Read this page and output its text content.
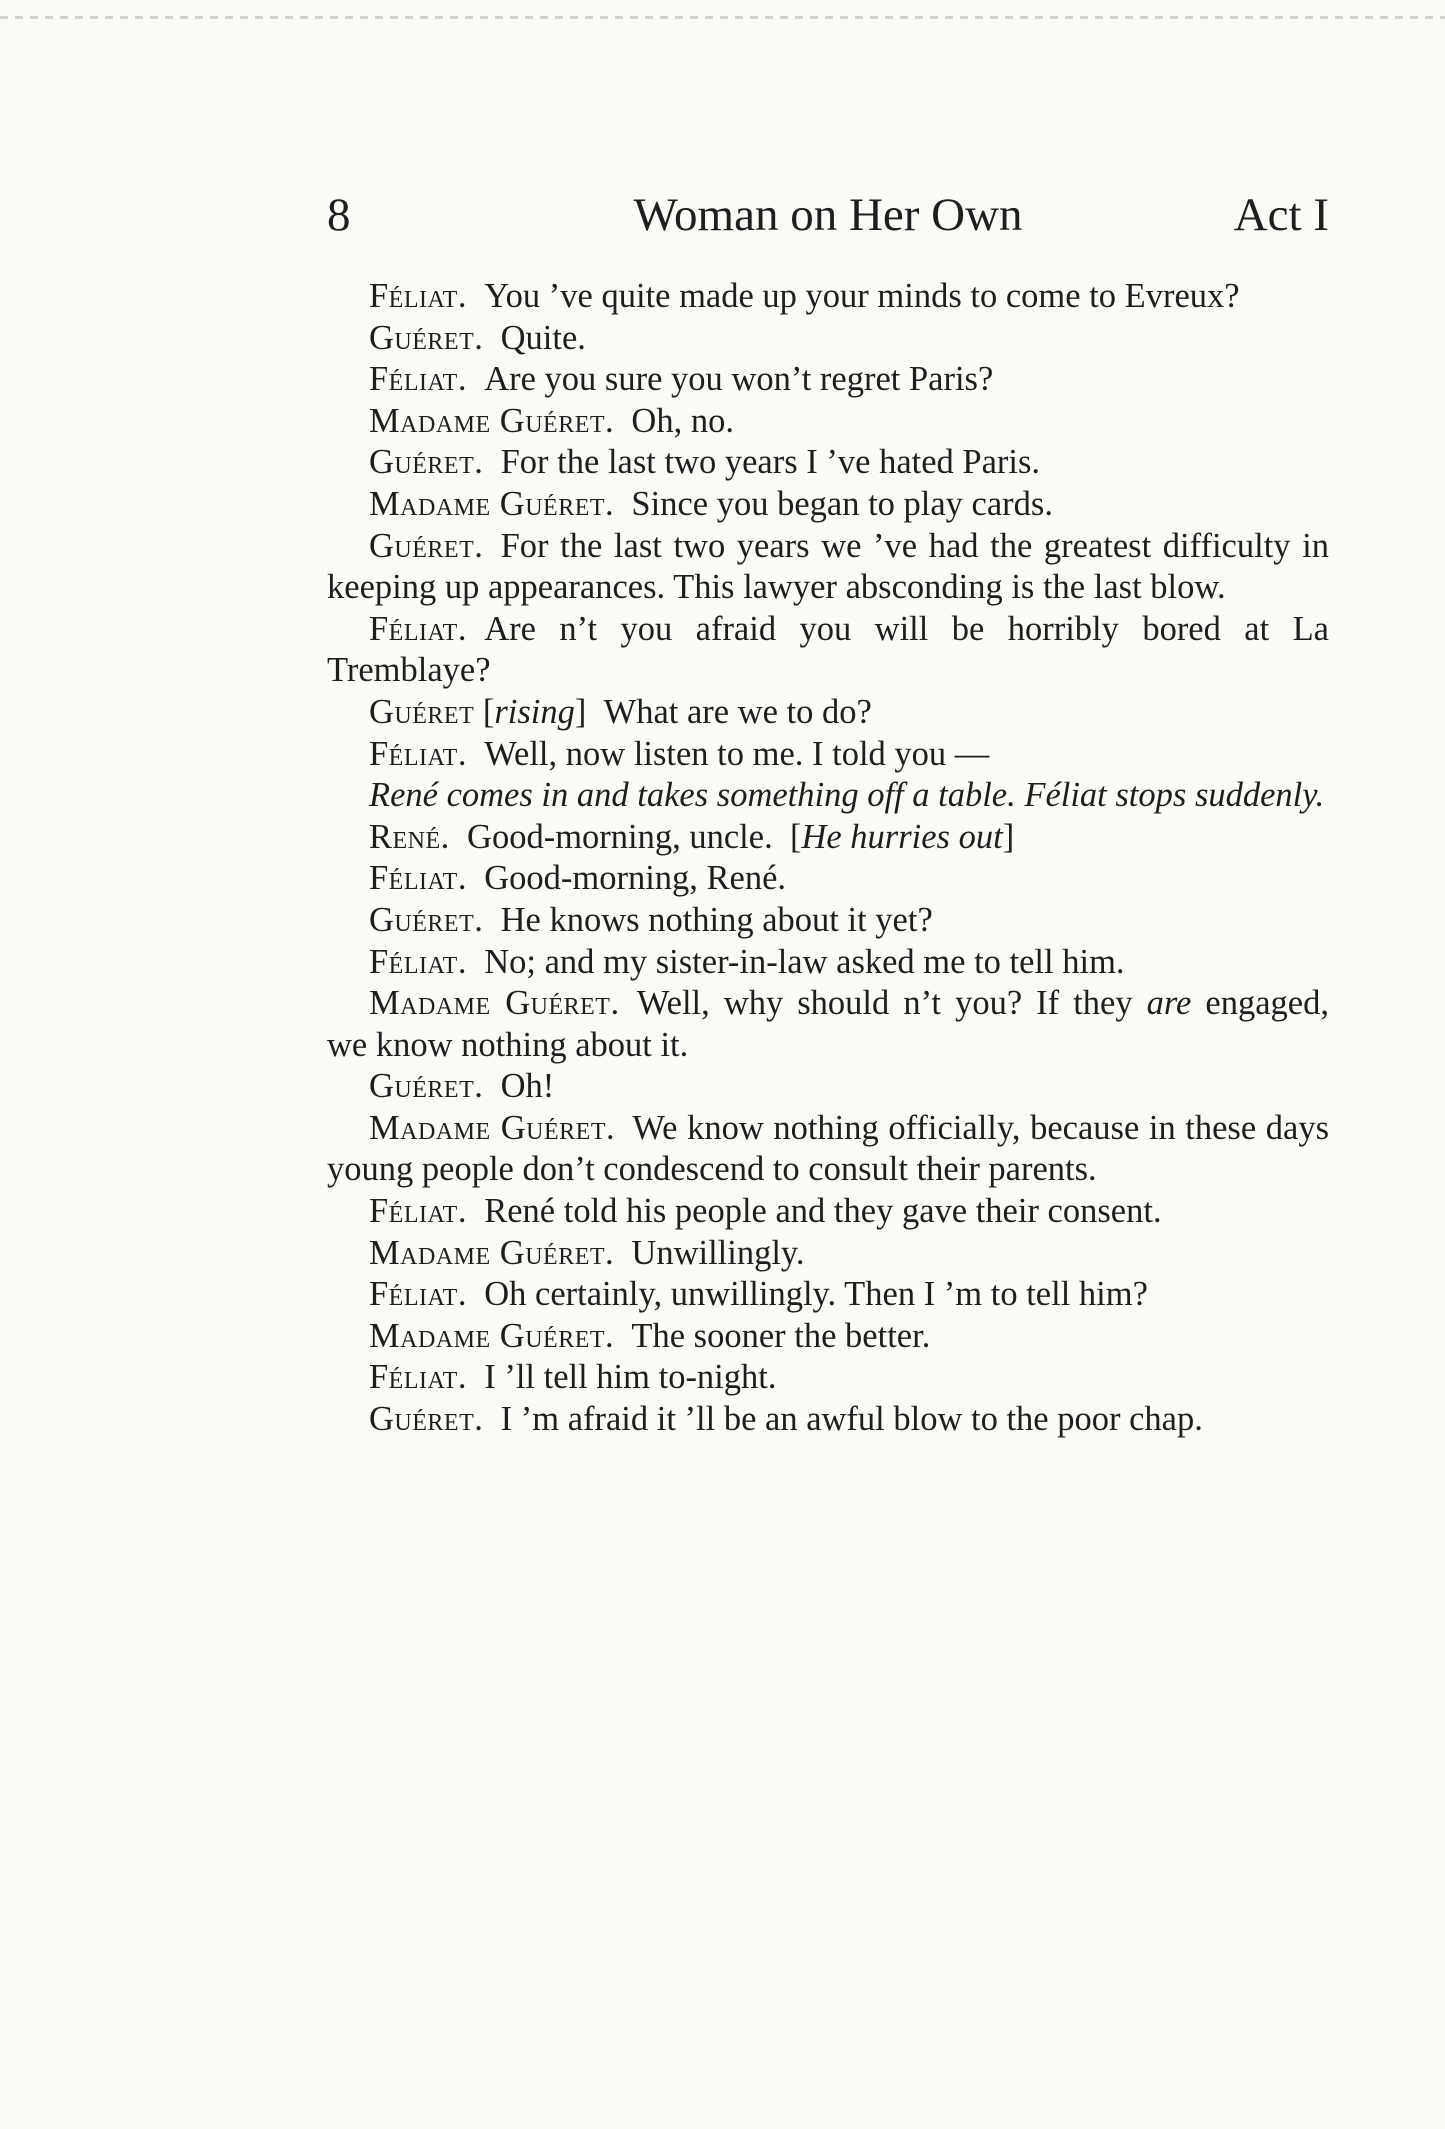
Woman on Her Own
8	Act I

Féliat.  You ’ve quite made up your minds to come to Evreux?

Guéret.  Quite.

Féliat.  Are you sure you won’t regret Paris?

Madame Guéret.  Oh, no.

Guéret.  For the last two years I ’ve hated Paris.

Madame Guéret.  Since you began to play cards.

Guéret.  For the last two years we ’ve had the greatest difficulty in keeping up appearances. This lawyer absconding is the last blow.

Féliat.  Are n’t you afraid you will be horribly bored at La Tremblaye?

Guéret [rising] What are we to do?

Féliat.  Well, now listen to me. I told you —

René comes in and takes something off a table. Féliat stops suddenly.

René.  Good-morning, uncle. [He hurries out]

Féliat.  Good-morning, René.

Guéret.  He knows nothing about it yet?

Féliat.  No; and my sister-in-law asked me to tell him.

Madame Guéret.  Well, why should n’t you? If they are engaged, we know nothing about it.

Guéret.  Oh!

Madame Guéret.  We know nothing officially, because in these days young people don’t condescend to consult their parents.

Féliat.  René told his people and they gave their consent.

Madame Guéret.  Unwillingly.

Féliat.  Oh certainly, unwillingly. Then I ’m to tell him?

Madame Guéret.  The sooner the better.

Féliat.  I ’ll tell him to-night.

Guéret.  I ’m afraid it ’ll be an awful blow to the poor chap.
